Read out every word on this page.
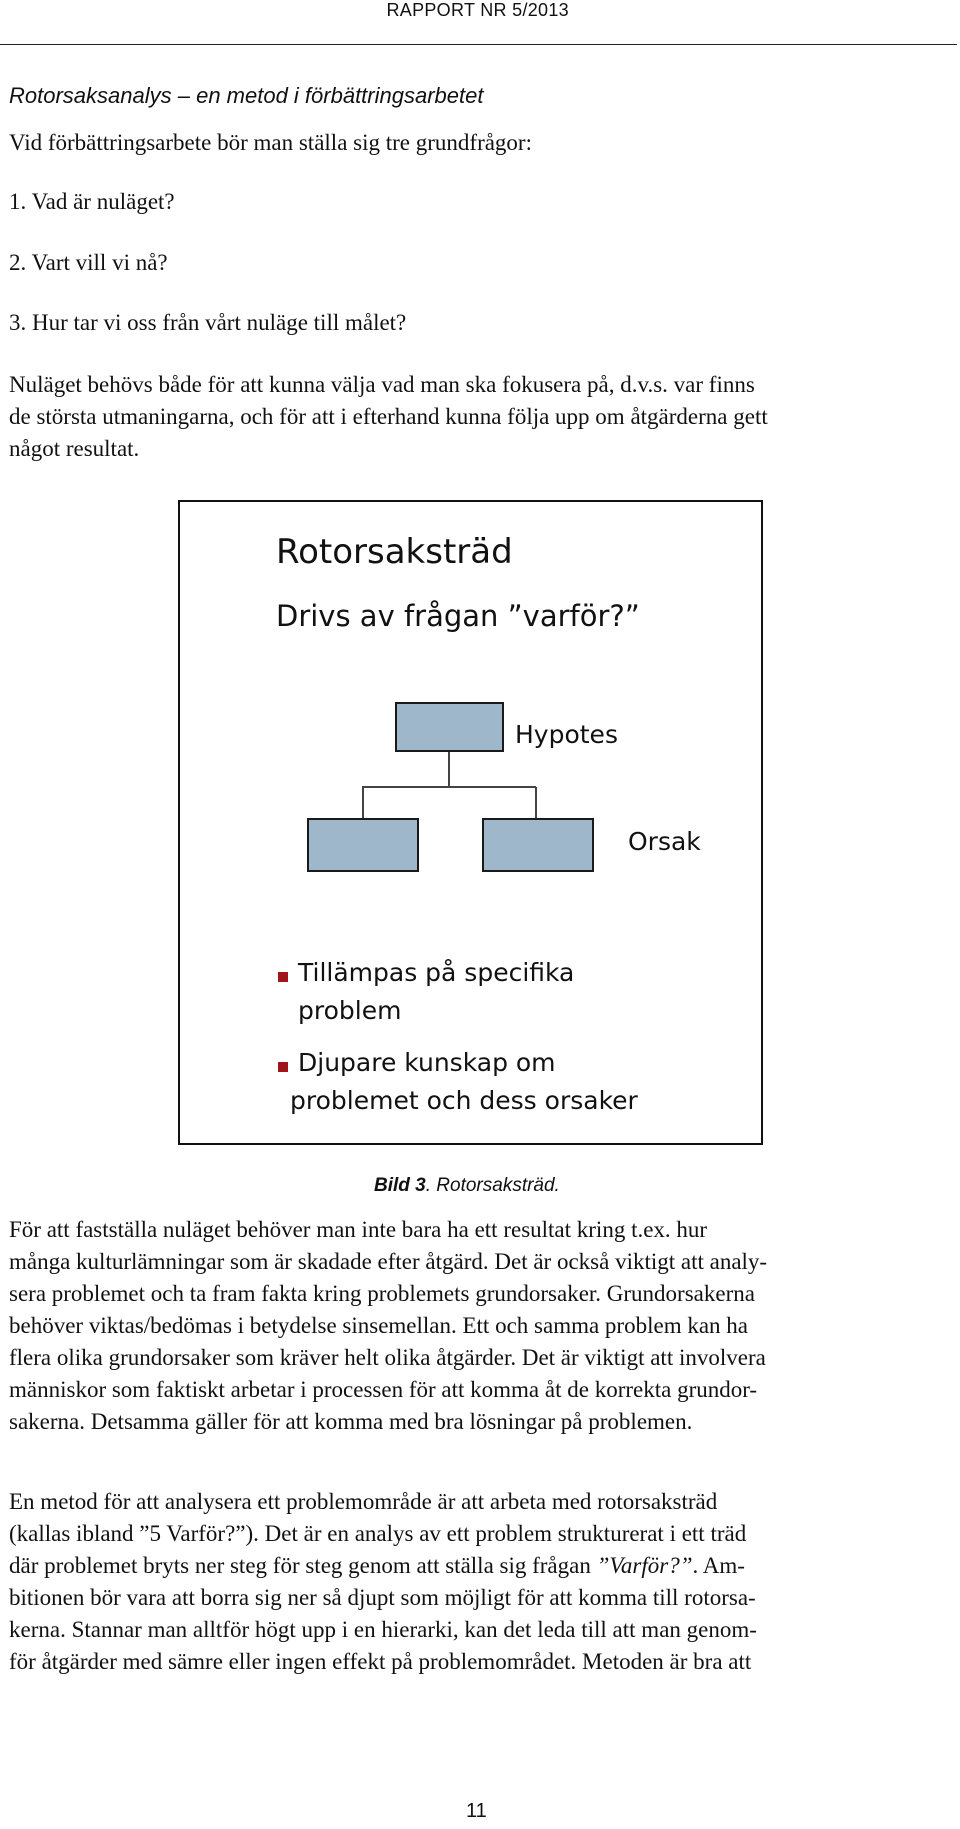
RAPPORT NR 5/2013
Rotorsaksanalys – en metod i förbättringsarbetet
Vid förbättringsarbete bör man ställa sig tre grundfrågor:
1. Vad är nuläget?
2. Vart vill vi nå?
3. Hur tar vi oss från vårt nuläge till målet?
Nuläget behövs både för att kunna välja vad man ska fokusera på, d.v.s. var finns
de största utmaningarna, och för att i efterhand kunna följa upp om åtgärderna gett
något resultat.
Rotorsaksträd
Drivs av frågan ”varför?”
Hypotes
Orsak
Tillämpas på specifika
problem
Djupare kunskap om
problemet och dess orsaker
Bild 3. Rotorsaksträd.
För att fastställa nuläget behöver man inte bara ha ett resultat kring t.ex. hur
många kulturlämningar som är skadade efter åtgärd. Det är också viktigt att analy-
sera problemet och ta fram fakta kring problemets grundorsaker. Grundorsakerna
behöver viktas/bedömas i betydelse sinsemellan. Ett och samma problem kan ha
flera olika grundorsaker som kräver helt olika åtgärder. Det är viktigt att involvera
människor som faktiskt arbetar i processen för att komma åt de korrekta grundor-
sakerna. Detsamma gäller för att komma med bra lösningar på problemen.
En metod för att analysera ett problemområde är att arbeta med rotorsaksträd
(kallas ibland ”5 Varför?”). Det är en analys av ett problem strukturerat i ett träd
där problemet bryts ner steg för steg genom att ställa sig frågan ”Varför?”. Am-
bitionen bör vara att borra sig ner så djupt som möjligt för att komma till rotorsa-
kerna. Stannar man alltför högt upp i en hierarki, kan det leda till att man genom-
för åtgärder med sämre eller ingen effekt på problemområdet. Metoden är bra att
11
